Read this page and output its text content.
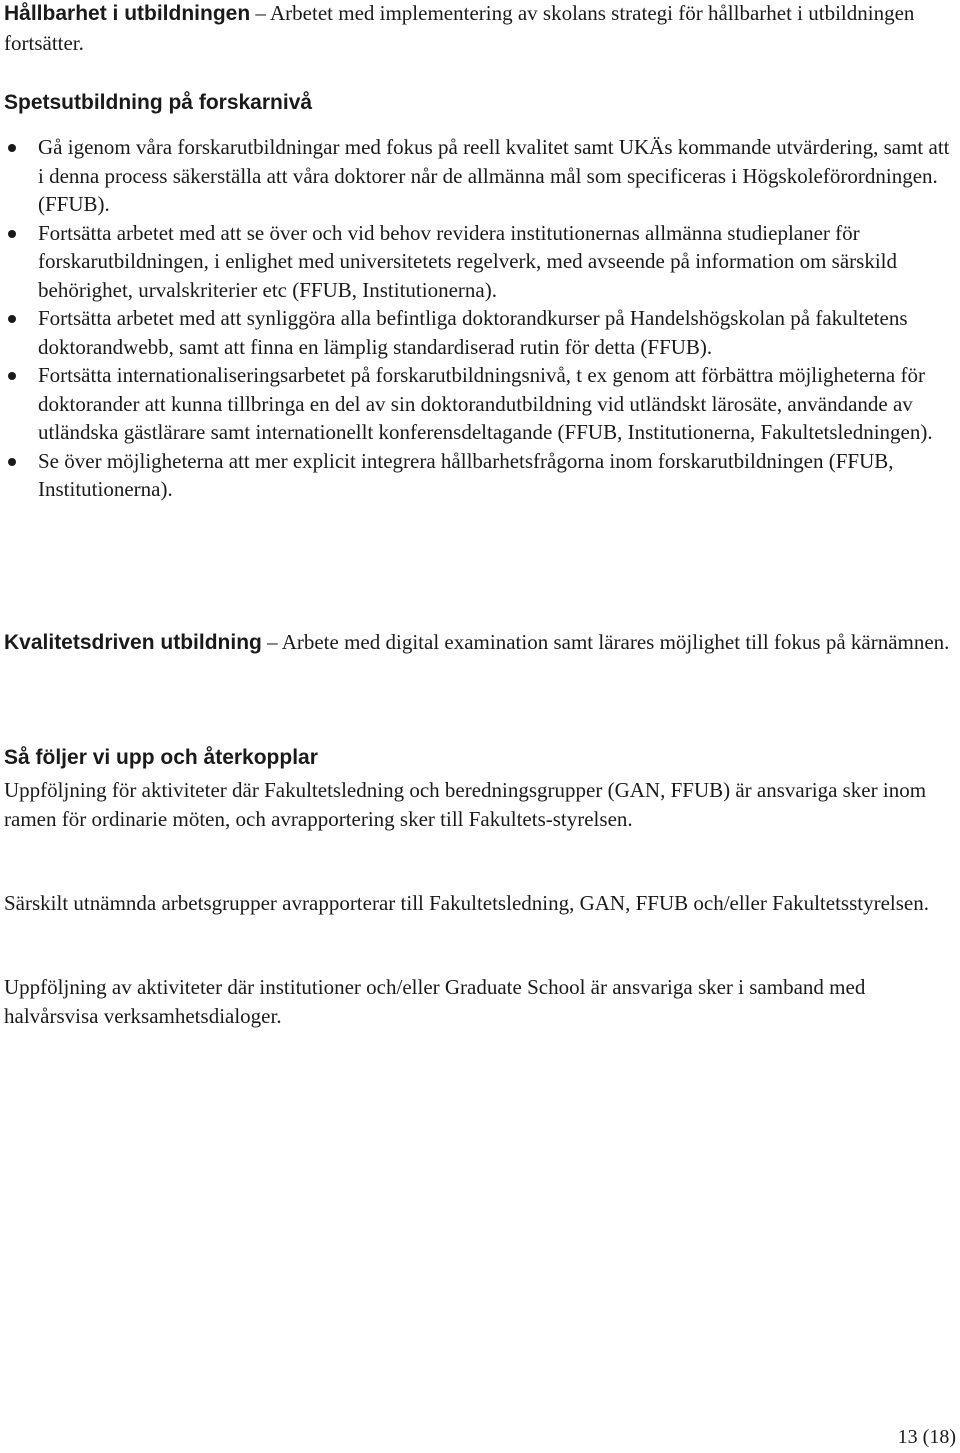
Hållbarhet i utbildningen – Arbetet med implementering av skolans strategi för hållbarhet i utbildningen fortsätter.

Spetsutbildning på forskarnivå

Gå igenom våra forskarutbildningar med fokus på reell kvalitet samt UKÄs kommande utvärdering, samt att i denna process säkerställa att våra doktorer når de allmänna mål som specificeras i Högskoleförordningen. (FFUB).
Fortsätta arbetet med att se över och vid behov revidera institutionernas allmänna studieplaner för forskarutbildningen, i enlighet med universitetets regelverk, med avseende på information om särskild behörighet, urvalskriterier etc (FFUB, Institutionerna).
Fortsätta arbetet med att synliggöra alla befintliga doktorandkurser på Handelshögskolan på fakultetens doktorandwebb, samt att finna en lämplig standardiserad rutin för detta (FFUB).
Fortsätta internationaliseringsarbetet på forskarutbildningsnivå, t ex genom att förbättra möjligheterna för doktorander att kunna tillbringa en del av sin doktorandutbildning vid utländskt lärosäte, användande av utländska gästlärare samt internationellt konferensdeltagande (FFUB, Institutionerna, Fakultetsledningen).
Se över möjligheterna att mer explicit integrera hållbarhetsfrågorna inom forskarutbildningen (FFUB, Institutionerna).

Kvalitetsdriven utbildning – Arbete med digital examination samt lärares möjlighet till fokus på kärnämnen.

Så följer vi upp och återkopplar

Uppföljning för aktiviteter där Fakultetsledning och beredningsgrupper (GAN, FFUB) är ansvariga sker inom ramen för ordinarie möten, och avrapportering sker till Fakultets-styrelsen.

Särskilt utnämnda arbetsgrupper avrapporterar till Fakultetsledning, GAN, FFUB och/eller Fakultetsstyrelsen.

Uppföljning av aktiviteter där institutioner och/eller Graduate School är ansvariga sker i samband med halvårsvisa verksamhetsdialoger.

13 (18)
